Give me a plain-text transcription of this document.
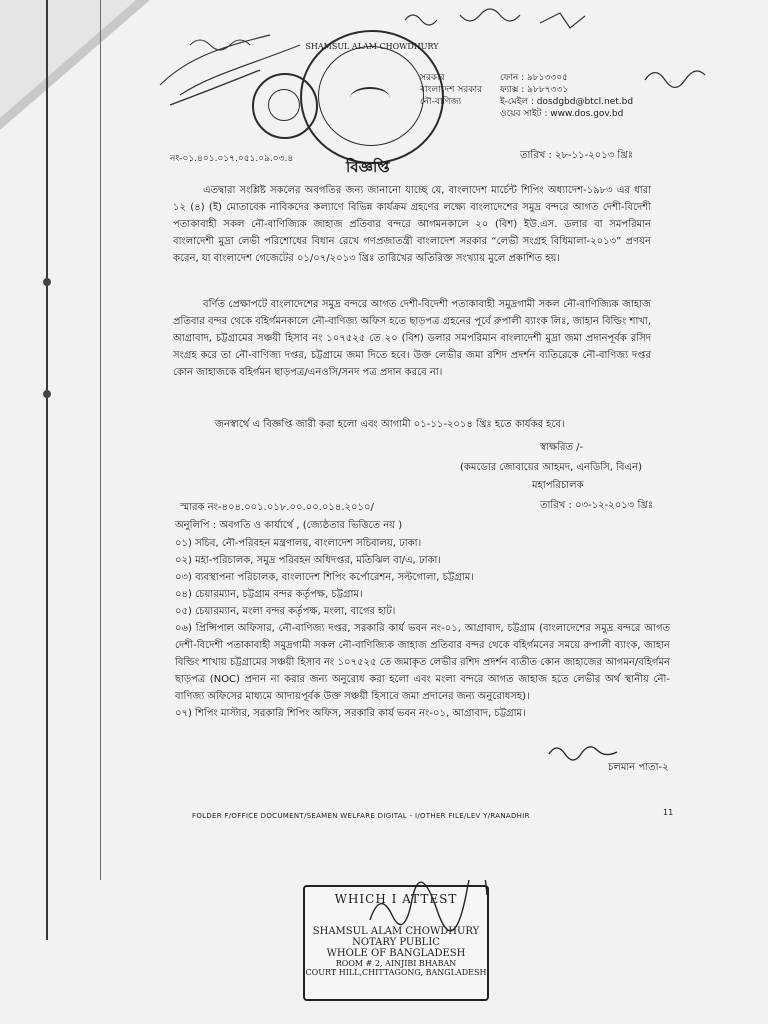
SHAMSUL ALAM CHOWDHURY
সরকার
বাংলাদেশ সরকার
নৌ-বাণিজ্য
ফোন : ৯৮১৩৩০৫
ফ্যাক্স : ৯৮৮৭৩৩১
ই-মেইল : dosdgbd@btcl.net.bd
ওয়েব সাইট : www.dos.gov.bd
নং-০১.৪০১.০১৭.০৫১.০৯.০৩.৪	তারিখ : ২৮-১১-২০১৩ খ্রিঃ
বিজ্ঞপ্তি
এতদ্বারা সংশ্লিষ্ট সকলের অবগতির জন্য জানানো যাচ্ছে যে, বাংলাদেশ মার্চেন্ট শিপিং অধ্যাদেশ-১৯৮৩ এর ধারা ১২ (৪) (ই) মোতাবেক নাবিকদের কল্যাণে বিভিন্ন কার্যক্রম গ্রহণের লক্ষ্যে বাংলাদেশের সমুদ্র বন্দরে আগত দেশী-বিদেশী পতাকাবাহী সকল নৌ-বাণিজ্যিক জাহাজ প্রতিবার বন্দরে আগমনকালে ২০ (বিশ) ইউ.এস. ডলার বা সমপরিমান বাংলাদেশী মুদ্রা লেভী পরিশোধের বিধান রেখে গণপ্রজাতন্ত্রী বাংলাদেশ সরকার “লেভী সংগ্রহ বিধিমালা-২০১৩” প্রণয়ন করেন, যা বাংলাদেশ গেজেটের ০১/০৭/২০১৩ খ্রিঃ তারিখের অতিরিক্ত সংখ্যায় মুলে প্রকাশিত হয়।
বর্ণিত প্রেক্ষাপটে বাংলাদেশের সমুদ্র বন্দরে আগত দেশী-বিদেশী পতাকাবাহী সমুদ্রগামী সকল নৌ-বাণিজ্যিক জাহাজ প্রতিবার বন্দর থেকে বহির্গমনকালে নৌ-বাণিজ্য অফিস হতে ছাড়পত্র গ্রহনের পূর্বে রুপালী ব্যাংক লিঃ, জাহান বিল্ডিং শাখা, আগ্রাবাদ, চট্টগ্রামের সঞ্চয়ী হিসাব নং ১০৭৫২৫ তে ২০ (বিশ) ডলার সমপরিমান বাংলাদেশী মুদ্রা জমা প্রদানপূর্বক রসিদ সংগ্রহ করে তা নৌ-বাণিজ্য দপ্তর, চট্টগ্রামে জমা দিতে হবে। উক্ত লেভীর জমা রশিদ প্রদর্শন ব্যতিরেকে নৌ-বাণিজ্য দপ্তর কোন জাহাজকে বহির্গমন ছাড়পত্র/এনওসি/সনদ পত্র প্রদান করবে না।
জনস্বার্থে এ বিজ্ঞপ্তি জারী করা হলো এবং আগামী ০১-১১-২০১৪ খ্রিঃ হতে কার্যকর হবে।
স্বাক্ষরিত /-
(কমডোর জোবায়ের আহমদ, এনডিসি, বিএন)
মহাপরিচালক
স্মারক নং-৪০৪.০০১.০১৮.০০.০০.০১৪.২০১০/	তারিখ : ০৩-১২-২০১৩ খ্রিঃ
অনুলিপি : অবগতি ও কার্যার্থে , (জ্যেষ্ঠতার ভিত্তিতে নয় )
০১) সচিব, নৌ-পরিবহন মন্ত্রণালয়, বাংলাদেশ সচিবালয়, ঢাকা।
০২) মহা-পরিচালক, সমুদ্র পরিবহন অধিদপ্তর, মতিঝিল বা/এ, ঢাকা।
০৩) ব্যবস্থাপনা পরিচালক, বাংলাদেশ শিপিং কর্পোরেশন, সল্টগোলা, চট্টগ্রাম।
০৪) চেয়ারম্যান, চট্টগ্রাম বন্দর কর্তৃপক্ষ, চট্টগ্রাম।
০৫) চেয়ারম্যান, মংলা বন্দর কর্তৃপক্ষ, মংলা, বাগের হাট।
০৬) প্রিন্সিপাল অফিসার, নৌ-বাণিজ্য দপ্তর, সরকারি কার্য ভবন নং-০১, আগ্রাবাদ, চট্টগ্রাম (বাংলাদেশের সমুদ্র বন্দরে আগত দেশী-বিদেশী পতাকাবাহী সমুদ্রগামী সকল নৌ-বাণিজ্যিক জাহাজ প্রতিবার বন্দর থেকে বহির্গমনের সময়ে রুপালী ব্যাংক, জাহান বিল্ডিং শাখায় চট্টগ্রামের সঞ্চয়ী হিসাব নং ১০৭৫২৫ তে জমাকৃত লেভীর রশিদ প্রদর্শন ব্যতীত কোন জাহাজের আগমন/বহির্গমন ছাড়পত্র (NOC) প্রদান না করার জন্য অনুরোধ করা হলো এবং মংলা বন্দরে আগত জাহাজ হতে লেভীর অর্থ স্থানীয় নৌ-বাণিজ্য অফিসের মাধ্যমে আদায়পূর্বক উক্ত সঞ্চয়ী হিসাবে জমা প্রদানের জন্য অনুরোধসহ)।
০৭) শিপিং মাস্টার, সরকারি শিপিং অফিস, সরকারি কার্য ভবন নং-০১, আগ্রাবাদ, চট্টগ্রাম।
চলমান পাতা-২
FOLDER F/OFFICE DOCUMENT/SEAMEN WELFARE DIGITAL - I/OTHER FILE/LEV Y/RANADHIR	11
WHICH I ATTEST
SHAMSUL ALAM CHOWDHURY
NOTARY PUBLIC
WHOLE OF BANGLADESH
ROOM # 2, AINJIBI BHABAN
COURT HILL,CHITTAGONG, BANGLADESH
